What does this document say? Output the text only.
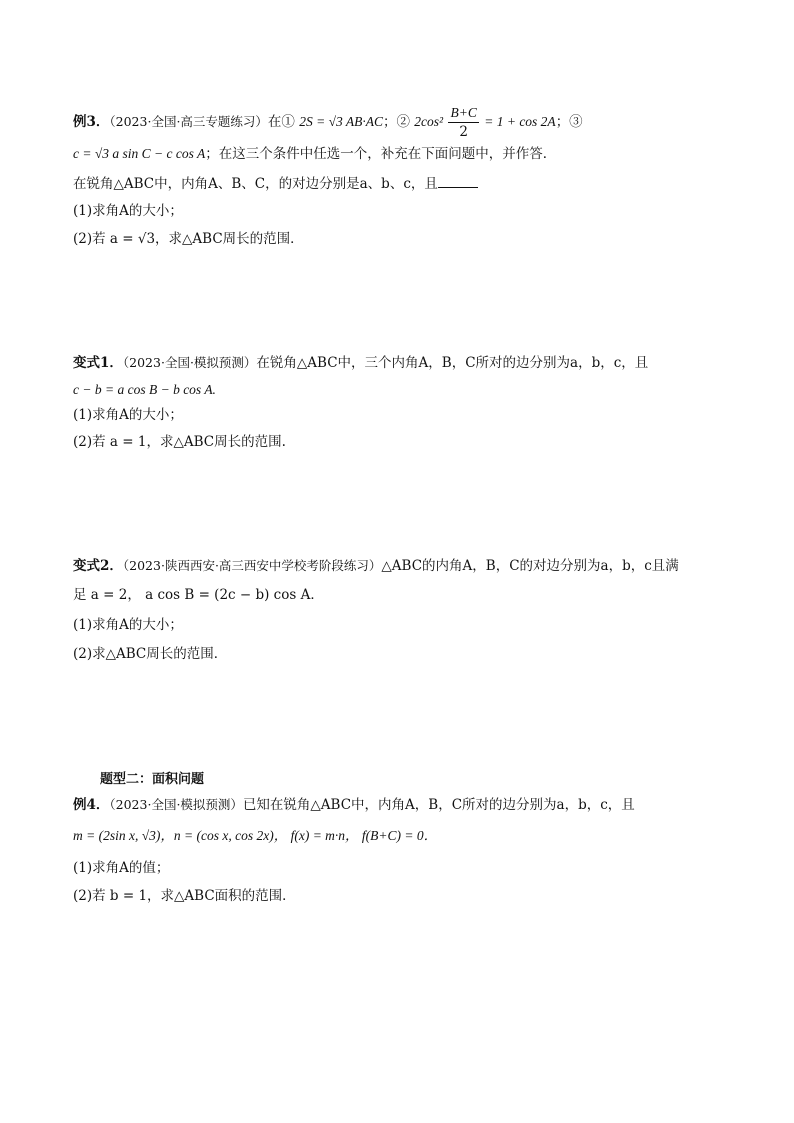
例3．（2023·全国·高三专题练习）在① 2S = √3 AB·AC；② $2\cos^2 \frac{B+C}{2} = 1 + \cos 2A$；③
c = √3 a sin C − c cos A；在这三个条件中任选一个，补充在下面问题中，并作答．
在锐角△ABC中，内角A、B、C，的对边分别是a、b、c，且
(1)求角A的大小；
(2)若 a = √3，求△ABC周长的范围．
变式1．（2023·全国·模拟预测）在锐角△ABC中，三个内角A，B，C所对的边分别为a，b，c，且
c − b = a cos B − b cos A.
(1)求角A的大小；
(2)若 a = 1，求△ABC周长的范围.
变式2．（2023·陕西西安·高三西安中学校考阶段练习）△ABC的内角A，B，C的对边分别为a，b，c且满
足 a = 2， a cos B = (2c − b) cos A．
(1)求角A的大小；
(2)求△ABC周长的范围．
题型二：面积问题
例4．（2023·全国·模拟预测）已知在锐角△ABC中，内角A，B，C所对的边分别为a，b，c，且
m = (2sin x, √3)，n = (cos x, cos 2x)， f(x) = m·n， f(B+C) = 0．
(1)求角A的值；
(2)若 b = 1，求△ABC面积的范围．
